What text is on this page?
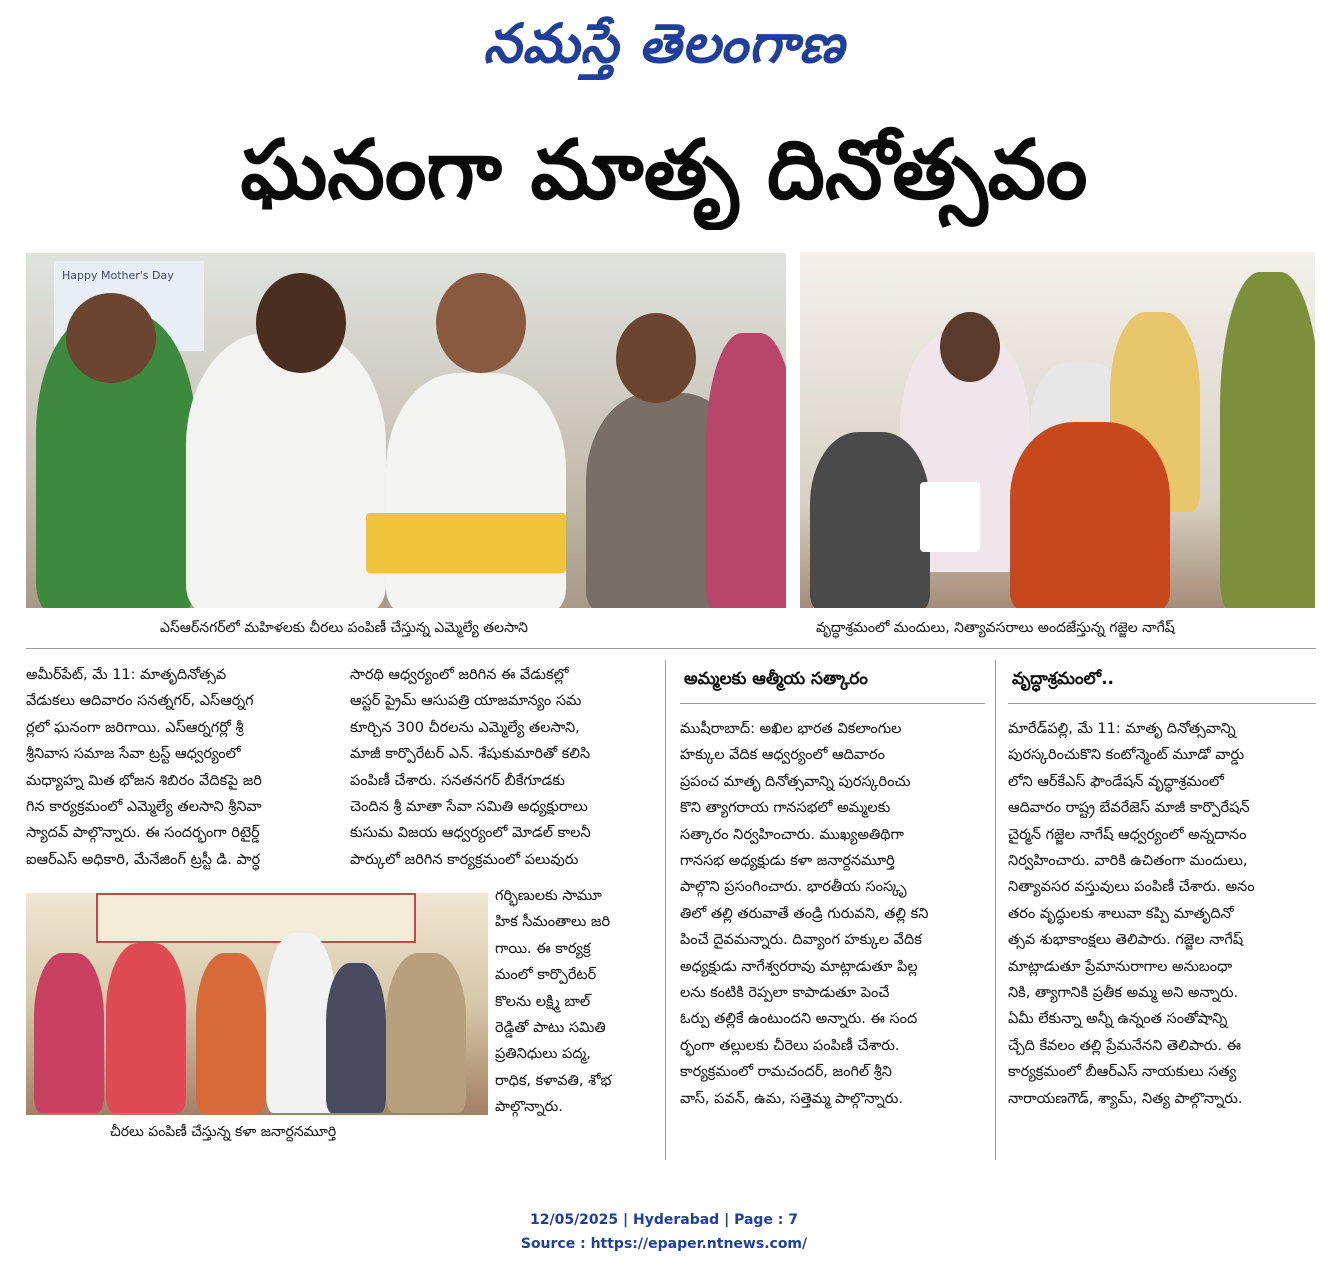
నమస్తే తెలంగాణ
ఘనంగా మాతృ దినోత్సవం
Happy Mother's Day
ఎస్ఆర్‌నగర్‌లో మహిళలకు చీరలు పంపిణీ చేస్తున్న ఎమ్మెల్యే తలసాని	వృద్ధాశ్రమంలో మందులు, నిత్యావసరాలు అందజేస్తున్న గజ్జెల నాగేష్

అమీర్‌పేట్, మే 11: మాతృదినోత్సవ

వేడుకలు ఆదివారం సనత్నగర్, ఎస్ఆర్నగ

ర్లలో ఘనంగా జరిగాయి. ఎస్ఆర్నగర్లో శ్రీ

శ్రీనివాస సమాజ సేవా ట్రస్ట్ ఆధ్వర్యంలో

మధ్యాహ్న మిత భోజన శిబిరం వేదికపై జరి

గిన కార్యక్రమంలో ఎమ్మెల్యే తలసాని శ్రీనివా

స్యాదవ్ పాల్గొన్నారు. ఈ సందర్భంగా రిటైర్డ్

ఐఆర్ఎస్ అధికారి, మేనేజింగ్ ట్రస్టీ డి. పార్ధ

సారథి ఆధ్వర్యంలో జరిగిన ఈ వేడుకల్లో

ఆస్టర్ ప్రైమ్ ఆసుపత్రి యాజమాన్యం సమ

కూర్చిన 300 చీరలను ఎమ్మెల్యే తలసాని,

మాజీ కార్పొరేటర్ ఎన్. శేషుకుమారితో కలిసి

పంపిణీ చేశారు. సనతనగర్ బీకేగూడకు

చెందిన శ్రీ మాతా సేవా సమితి అధ్యక్షురాలు

కుసుమ విజయ ఆధ్వర్యంలో మోడల్ కాలనీ

పార్కులో జరిగిన కార్యక్రమంలో పలువురు

గర్భిణులకు సామూ

హిక సీమంతాలు జరి

గాయి. ఈ కార్యక్ర

మంలో కార్పొరేటర్

కొలను లక్ష్మి బాల్

రెడ్డితో పాటు సమితి

ప్రతినిధులు పద్మ,

రాధిక, కళావతి, శోభ

పాల్గొన్నారు.

చీరలు పంపిణీ చేస్తున్న కళా జనార్దనమూర్తి
అమ్మలకు ఆత్మీయ సత్కారం

ముషీరాబాద్: అఖిల భారత వికలాంగుల

హక్కుల వేదిక ఆధ్వర్యంలో ఆదివారం

ప్రపంచ మాతృ దినోత్సవాన్ని పురస్కరించు

కొని త్యాగరాయ గానసభలో అమ్మలకు

సత్కారం నిర్వహించారు. ముఖ్యఅతిథిగా

గానసభ అధ్యక్షుడు కళా జనార్దనమూర్తి

పాల్గొని ప్రసంగించారు. భారతీయ సంస్కృ

తిలో తల్లి తరువాతే తండ్రి గురువని, తల్లి కని

పించే దైవమన్నారు. దివ్యాంగ హక్కుల వేదిక

అధ్యక్షుడు నాగేశ్వరరావు మాట్లాడుతూ పిల్ల

లను కంటికి రెప్పలా కాపాడుతూ పెంచే

ఓర్పు తల్లికే ఉంటుందని అన్నారు. ఈ సంద

ర్భంగా తల్లులకు చీరెలు పంపిణీ చేశారు.

కార్యక్రమంలో రామచందర్, జంగిల్ శ్రీని

వాస్, పవన్, ఉమ, సత్తెమ్మ పాల్గొన్నారు.

వృద్ధాశ్రమంలో..

మారేడ్‌పల్లి, మే 11: మాతృ దినోత్సవాన్ని

పురస్కరించుకొని కంటోన్మెంట్ మూడో వార్డు

లోని ఆర్‌కేఎస్ ఫౌండేషన్ వృద్ధాశ్రమంలో

ఆదివారం రాష్ట్ర బేవరేజెస్ మాజీ కార్పొరేషన్

చైర్మన్ గజ్జెల నాగేష్ ఆధ్వర్యంలో అన్నదానం

నిర్వహించారు. వారికి ఉచితంగా మందులు,

నిత్యావసర వస్తువులు పంపిణీ చేశారు. అనం

తరం వృద్ధులకు శాలువా కప్పి మాతృదినో

త్సవ శుభాకాంక్షలు తెలిపారు. గజ్జెల నాగేష్

మాట్లాడుతూ ప్రేమానురాగాల అనుబంధా

నికి, త్యాగానికి ప్రతీక అమ్మ అని అన్నారు.

ఏమీ లేకున్నా అన్నీ ఉన్నంత సంతోషాన్ని

చ్చేది కేవలం తల్లి ప్రేమనేనని తెలిపారు. ఈ

కార్యక్రమంలో బీఆర్ఎస్ నాయకులు సత్య

నారాయణగౌడ్, శ్యామ్, నిత్య పాల్గొన్నారు.

12/05/2025 | Hyderabad | Page : 7
Source : https://epaper.ntnews.com/
